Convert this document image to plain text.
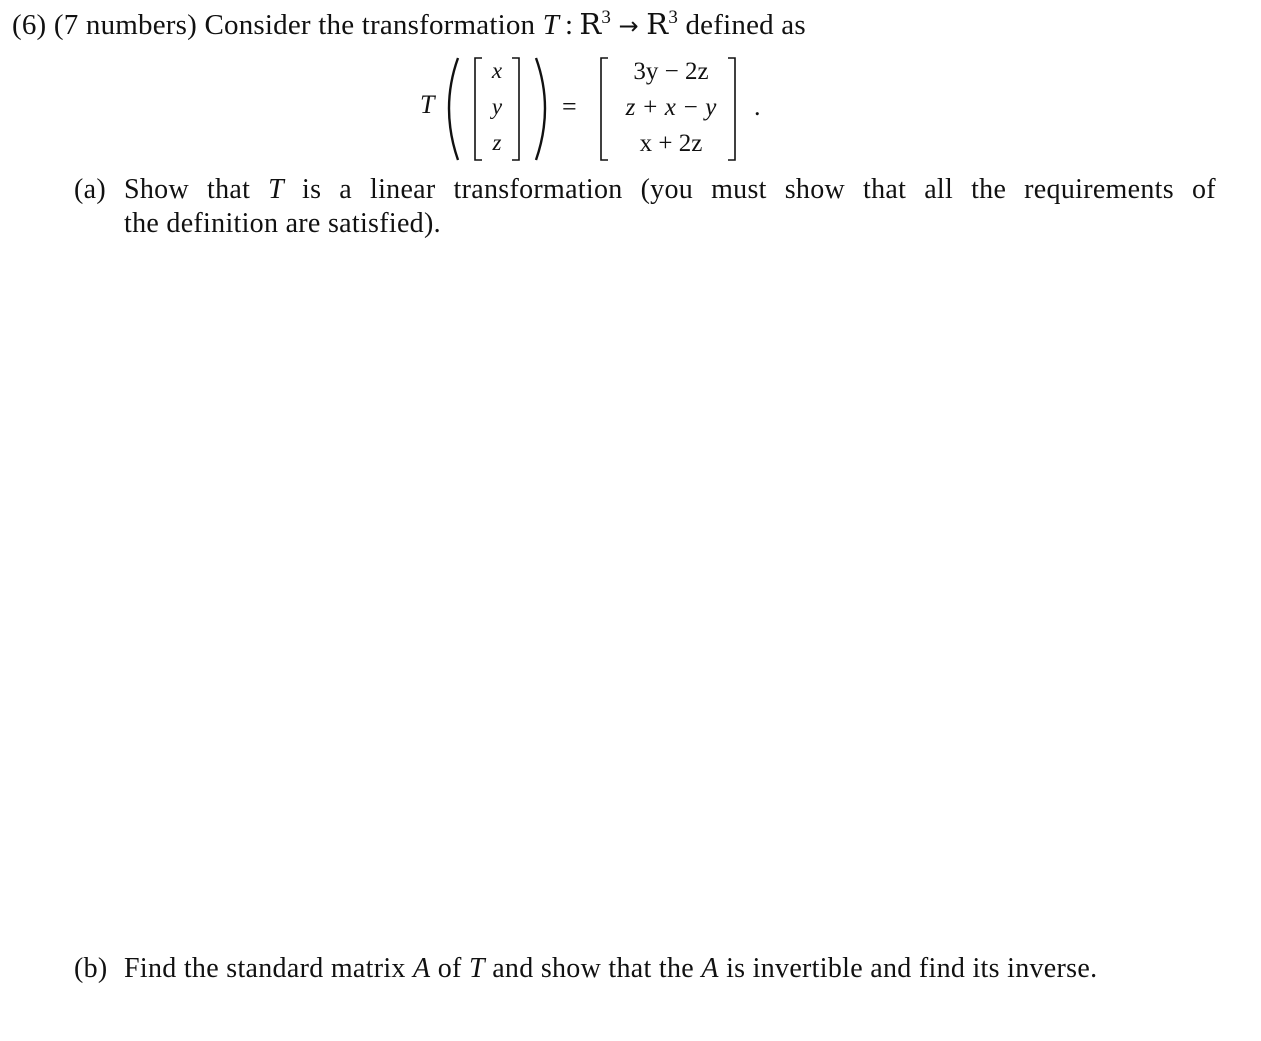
(6) (7 numbers) Consider the transformation T : $R^3 \to R^3$ defined as
T
x
y
z
=
3y − 2z
z + x − y
x + 2z
.
(a) Show that T is a linear transformation (you must show that all the requirements of
the definition are satisfied).
(b) Find the standard matrix A of T and show that the A is invertible and find its inverse.
